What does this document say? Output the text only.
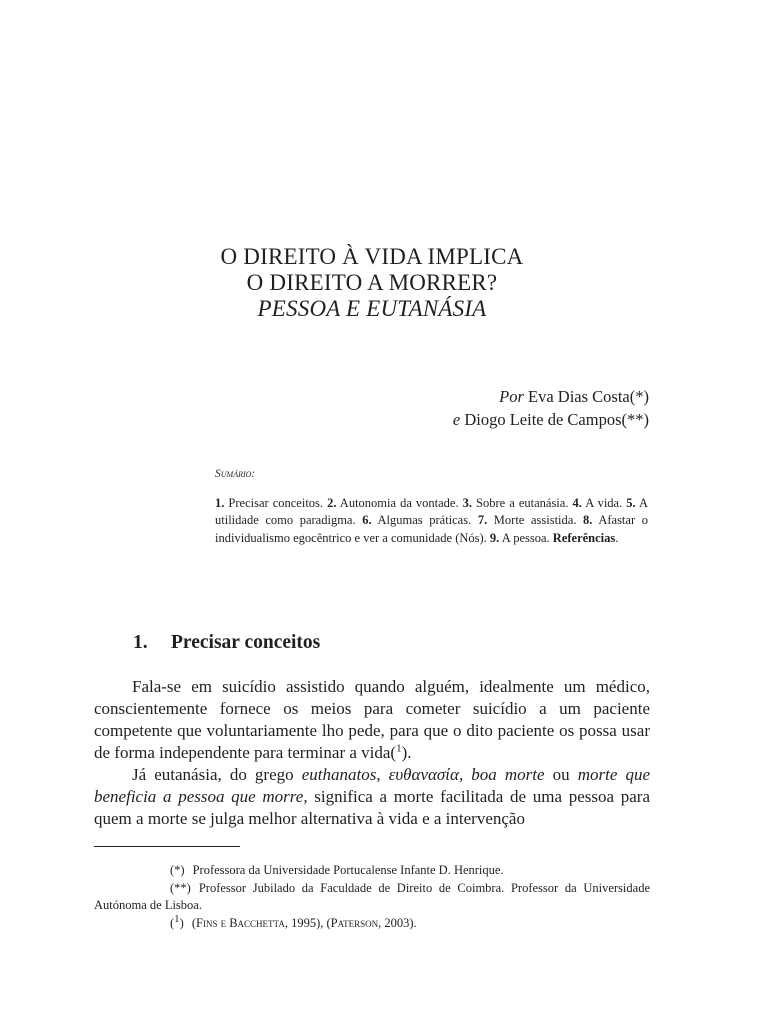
O DIREITO À VIDA IMPLICA
O DIREITO A MORRER?
PESSOA E EUTANÁSIA
Por Eva Dias Costa(*)
e Diogo Leite de Campos(**)
Sumário:
1. Precisar conceitos. 2. Autonomia da vontade. 3. Sobre a eutanásia. 4. A vida. 5. A utilidade como paradigma. 6. Algumas práticas. 7. Morte assistida. 8. Afastar o individualismo egocêntrico e ver a comunidade (Nós). 9. A pessoa. Referências.
1. Precisar conceitos

Fala-se em suicídio assistido quando alguém, idealmente um médico, conscientemente fornece os meios para cometer suicídio a um paciente competente que voluntariamente lho pede, para que o dito paciente os possa usar de forma independente para terminar a vida($^1$).

Já eutanásia, do grego euthanatos, ευθανασία, boa morte ou morte que beneficia a pessoa que morre, significa a morte facilitada de uma pessoa para quem a morte se julga melhor alternativa à vida e a intervenção

(*) Professora da Universidade Portucalense Infante D. Henrique.

(**) Professor Jubilado da Faculdade de Direito de Coimbra. Professor da Universidade Autónoma de Lisboa.

($^1$) (Fins e Bacchetta, 1995), (Paterson, 2003).
